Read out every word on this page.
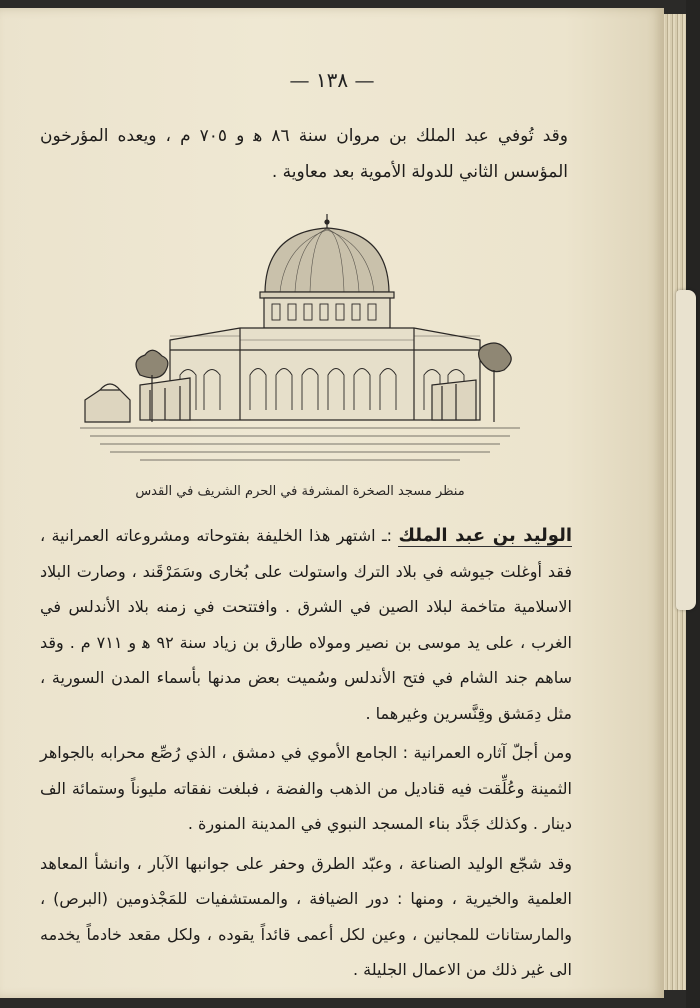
— ١٣٨ —
وقد تُوفي عبد الملك بن مروان سنة ٨٦ ﻫ و ٧٠٥ م ، ويعده المؤرخون المؤسس الثاني للدولة الأموية بعد معاوية .
منظر مسجد الصخرة المشرفة في الحرم الشريف في القدس

الوليد بن عبد الملك :ـ اشتهر هذا الخليفة بفتوحاته ومشروعاته العمرانية ، فقد أوغلت جيوشه في بلاد الترك واستولت على بُخارى وسَمَرْقَند ، وصارت البلاد الاسلامية متاخمة لبلاد الصين في الشرق . وافتتحت في زمنه بلاد الأندلس في الغرب ، على يد موسى بن نصير ومولاه طارق بن زياد سنة ٩٢ ﻫ و ٧١١ م . وقد ساهم جند الشام في فتح الأندلس وسُميت بعض مدنها بأسماء المدن السورية ، مثل دِمَشق وقِنَّسرين وغيرهما .

ومن أجلّ آثاره العمرانية : الجامع الأموي في دمشق ، الذي رُصِّع محرابه بالجواهر الثمينة وعُلِّقت فيه قناديل من الذهب والفضة ، فبلغت نفقاته مليوناً وستمائة الف دينار . وكذلك جَدَّد بناء المسجد النبوي في المدينة المنورة .

وقد شجّع الوليد الصناعة ، وعبّد الطرق وحفر على جوانبها الآبار ، وانشأ المعاهد العلمية والخيرية ، ومنها : دور الضيافة ، والمستشفيات للمَجْذومين (البرص) ، والمارستانات للمجانين ، وعين لكل أعمى قائداً يقوده ، ولكل مقعد خادماً يخدمه الى غير ذلك من الاعمال الجليلة .
